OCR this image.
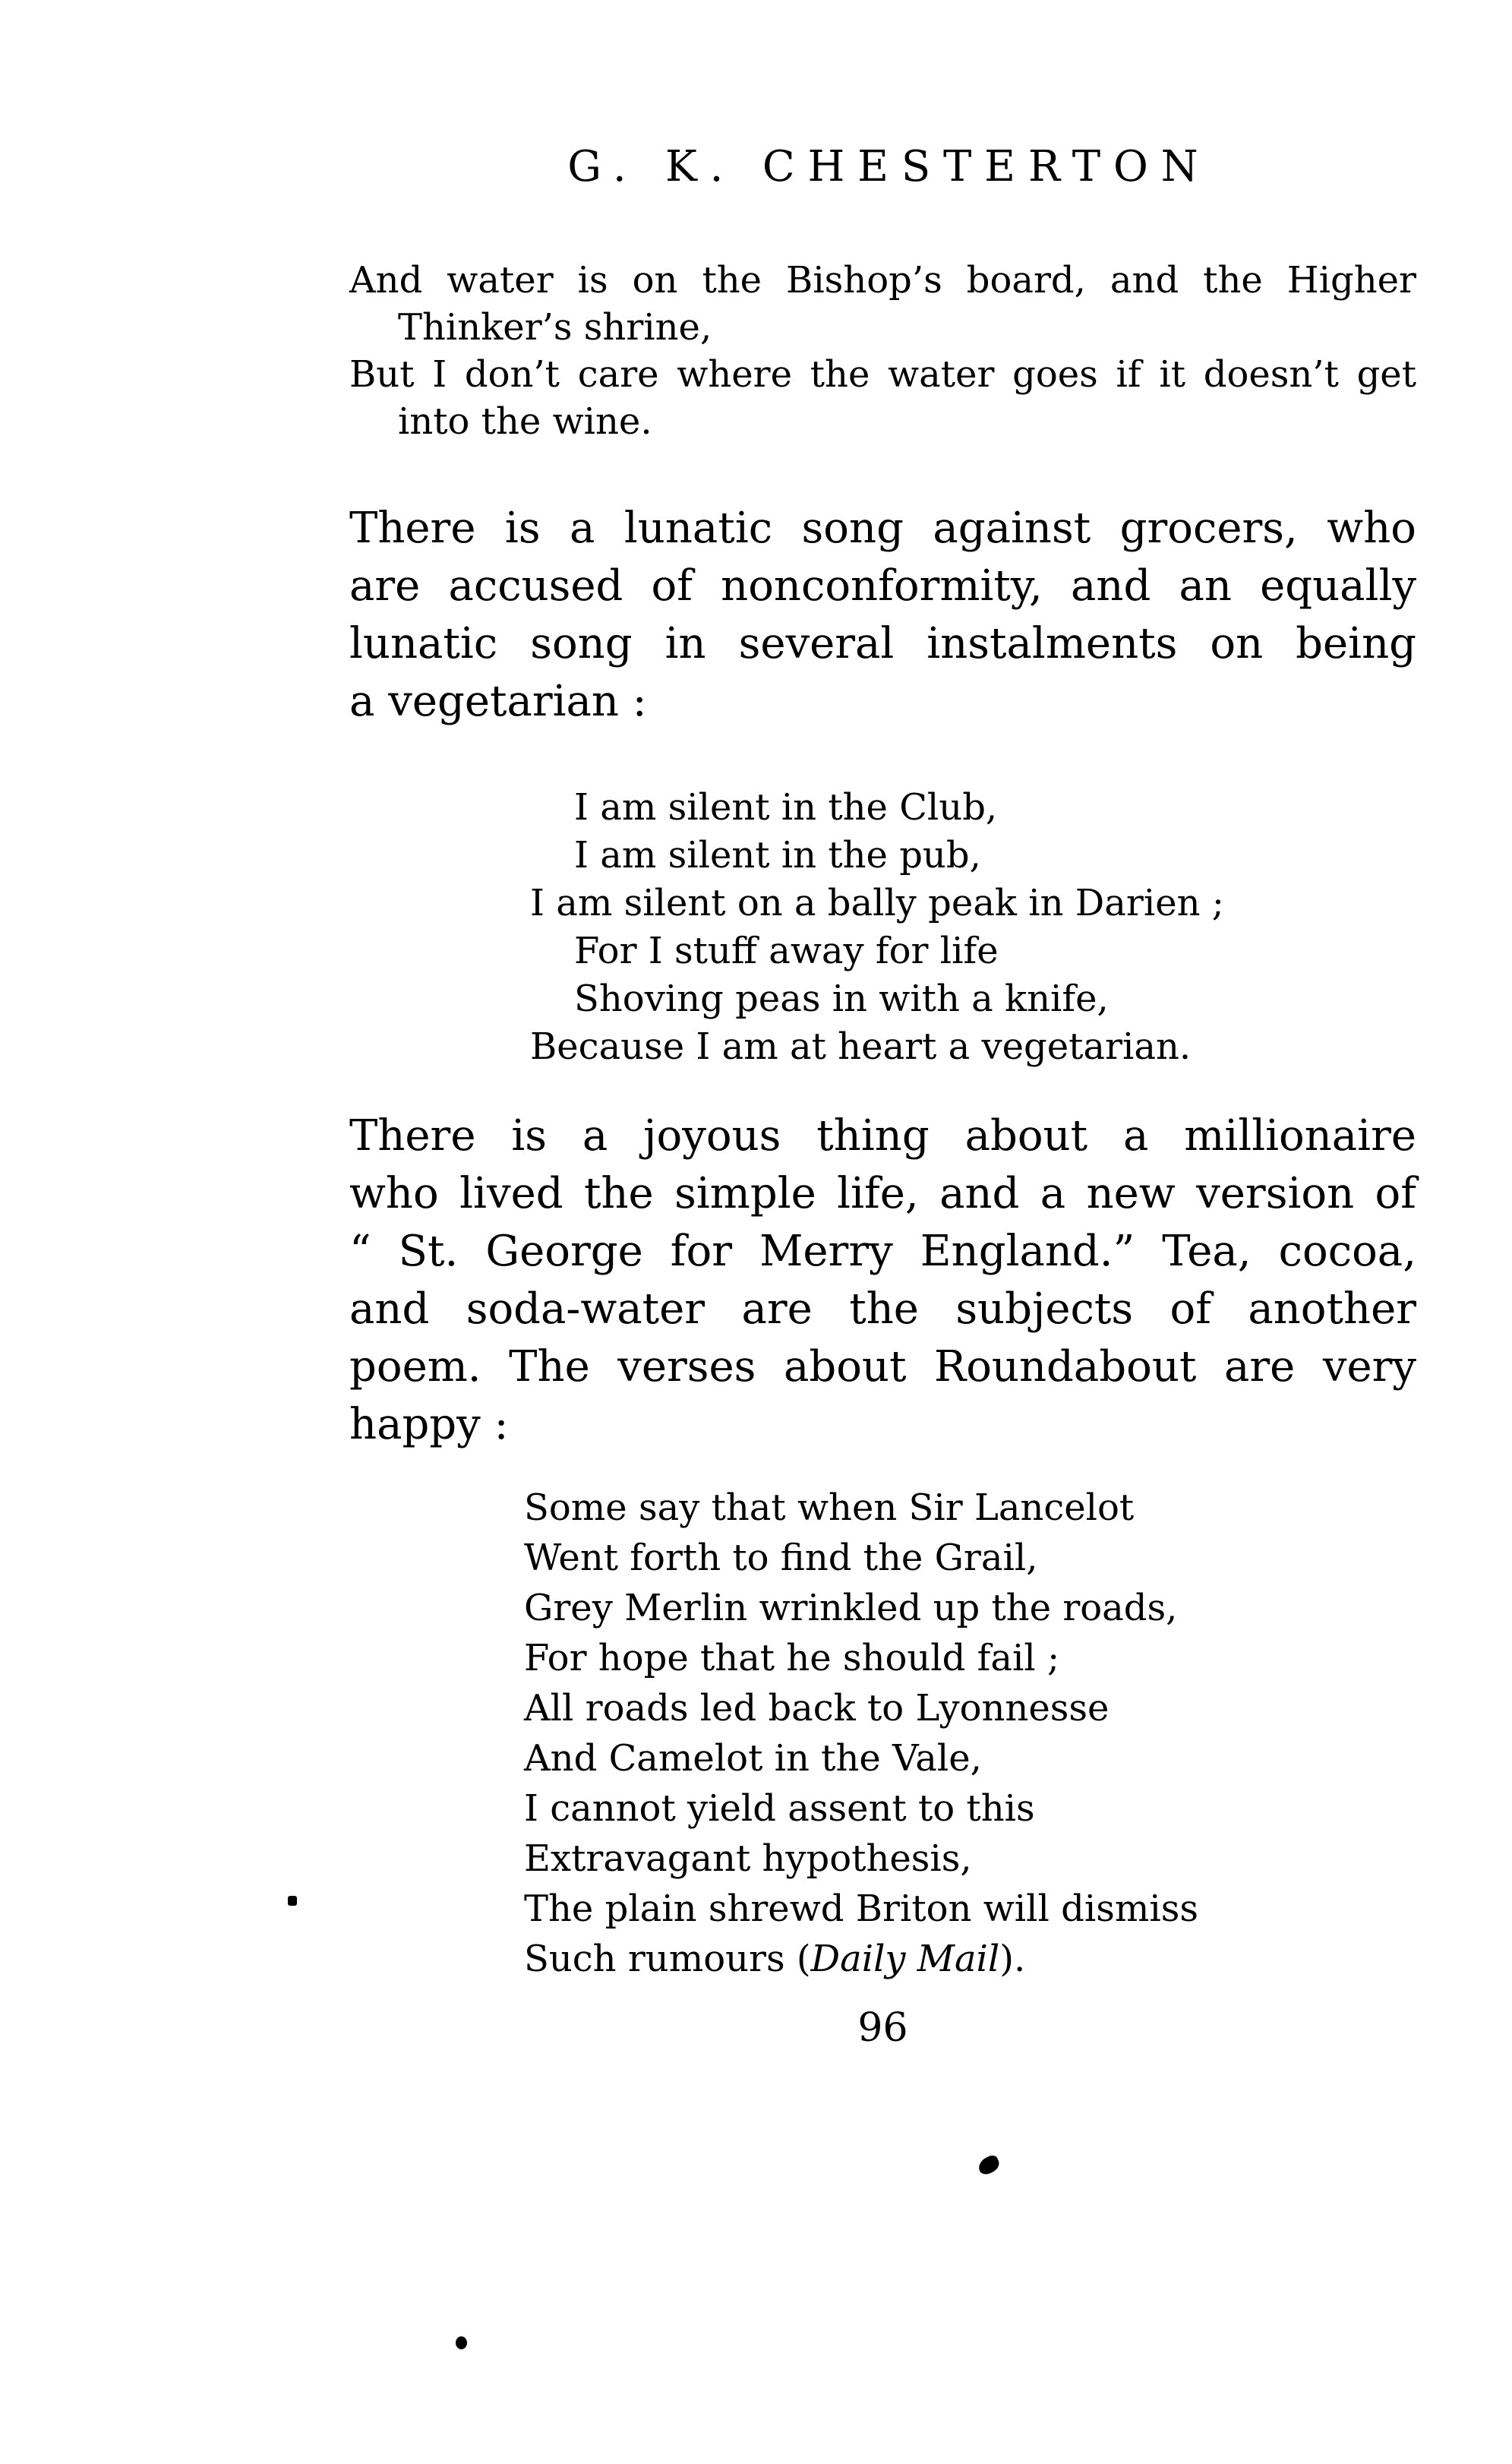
G. K. CHESTERTON
And water is on the Bishop’s board, and the Higher
Thinker’s shrine,
But I don’t care where the water goes if it doesn’t get
into the wine.
There is a lunatic song against grocers, who
are accused of nonconformity, and an equally
lunatic song in several instalments on being
a vegetarian :
I am silent in the Club,
I am silent in the pub,
I am silent on a bally peak in Darien ;
For I stuff away for life
Shoving peas in with a knife,
Because I am at heart a vegetarian.
There is a joyous thing about a millionaire
who lived the simple life, and a new version of
“ St. George for Merry England.” Tea, cocoa,
and soda-water are the subjects of another
poem. The verses about Roundabout are very
happy :
Some say that when Sir Lancelot
Went forth to find the Grail,
Grey Merlin wrinkled up the roads,
For hope that he should fail ;
All roads led back to Lyonnesse
And Camelot in the Vale,
I cannot yield assent to this
Extravagant hypothesis,
The plain shrewd Briton will dismiss
Such rumours (Daily Mail).
96
